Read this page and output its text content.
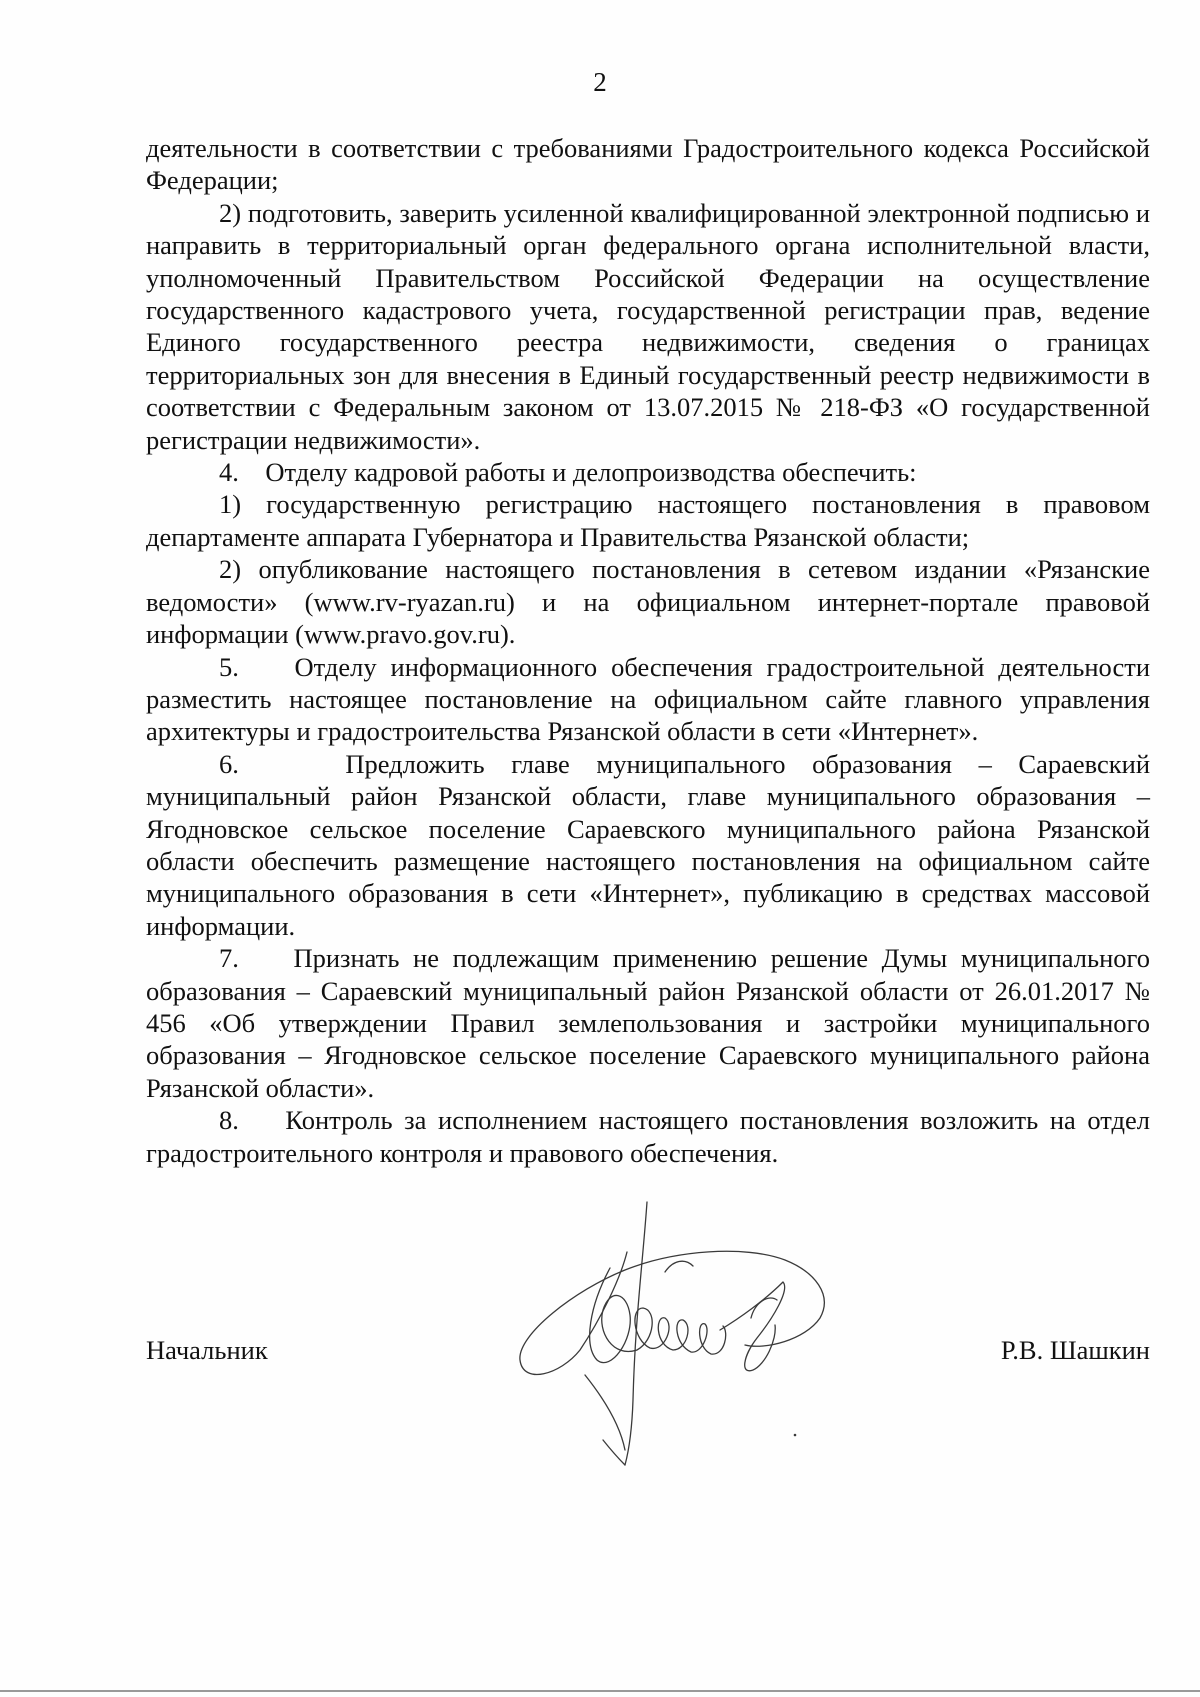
2

деятельности в соответствии с требованиями Градостроительного кодекса Российской Федерации;

2) подготовить, заверить усиленной квалифицированной электронной подписью и направить в территориальный орган федерального органа исполнительной власти, уполномоченный Правительством Российской Федерации на осуществление государственного кадастрового учета, государственной регистрации прав, ведение Единого государственного реестра недвижимости, сведения о границах территориальных зон для внесения в Единый государственный реестр недвижимости в соответствии с Федеральным законом от 13.07.2015 № 218-ФЗ «О государственной регистрации недвижимости».

4.    Отделу кадровой работы и делопроизводства обеспечить:

1) государственную регистрацию настоящего постановления в правовом департаменте аппарата Губернатора и Правительства Рязанской области;

2) опубликование настоящего постановления в сетевом издании «Рязанские ведомости» (www.rv-ryazan.ru) и на официальном интернет-портале правовой информации (www.pravo.gov.ru).

5.    Отделу информационного обеспечения градостроительной деятельности разместить настоящее постановление на официальном сайте главного управления архитектуры и градостроительства Рязанской области в сети «Интернет».

6.    Предложить главе муниципального образования – Сараевский муниципальный район Рязанской области, главе муниципального образования – Ягодновское сельское поселение Сараевского муниципального района Рязанской области обеспечить размещение настоящего постановления на официальном сайте муниципального образования в сети «Интернет», публикацию в средствах массовой информации.

7.    Признать не подлежащим применению решение Думы муниципального образования – Сараевский муниципальный район Рязанской области от 26.01.2017 № 456 «Об утверждении Правил землепользования и застройки муниципального образования – Ягодновское сельское поселение Сараевского муниципального района Рязанской области».

8.    Контроль за исполнением настоящего постановления возложить на отдел градостроительного контроля и правового обеспечения.

Начальник	Р.В. Шашкин
